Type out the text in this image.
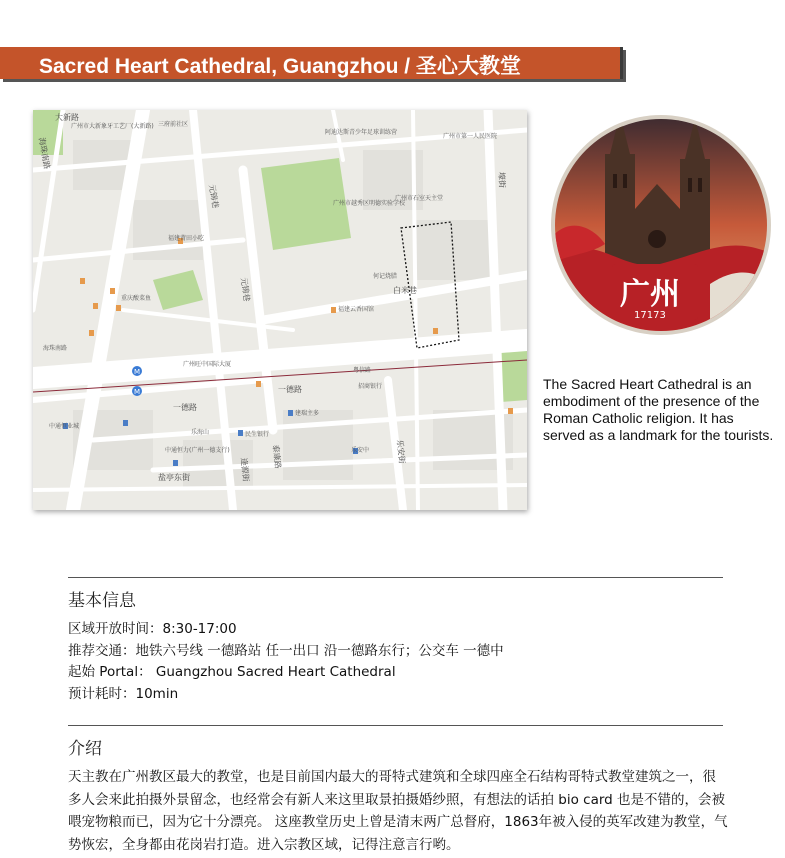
Sacred Heart Cathedral, Guangzhou / 圣心大教堂
M
M	一德路
一德路
元锦巷
元锦巷	白米巷
逄源街
泰康路
盐亭东街
壕街
大新路
海珠南路
乐安街
广州市大新象牙工艺厂(大新路) 三府前社区
阿迪达斯青少年足球训练营
广州市第一人民医院
广州市越秀区明德实验学校
广州市石室天主堂
福建莆田小吃
福建云香国馆
何记烧腊
广州旺中国际大厦
重庆酸菜鱼
乐海山	民生银行
粤信路
建瑞主多
招商银行
乐安中
海珠南路
中通恒力(广州一德支行)
中通恒业城
广州
17173
The Sacred Heart Cathedral is an embodiment of the presence of the Roman Catholic religion. It has served as a landmark for the tourists.
基本信息
区域开放时间：8:30-17:00
推荐交通：地铁六号线 一德路站 任一出口 沿一德路东行；公交车 一德中
起始 Portal： Guangzhou Sacred Heart Cathedral
预计耗时：10min
介绍
天主教在广州教区最大的教堂，也是目前国内最大的哥特式建筑和全球四座全石结构哥特式教堂建筑之一，很多人会来此拍摄外景留念，也经常会有新人来这里取景拍摄婚纱照，有想法的话拍 bio card 也是不错的，会被喂宠物粮而已，因为它十分漂亮。 这座教堂历史上曾是清末两广总督府，1863年被入侵的英军改建为教堂，气势恢宏，全身都由花岗岩打造。进入宗教区域，记得注意言行哟。
